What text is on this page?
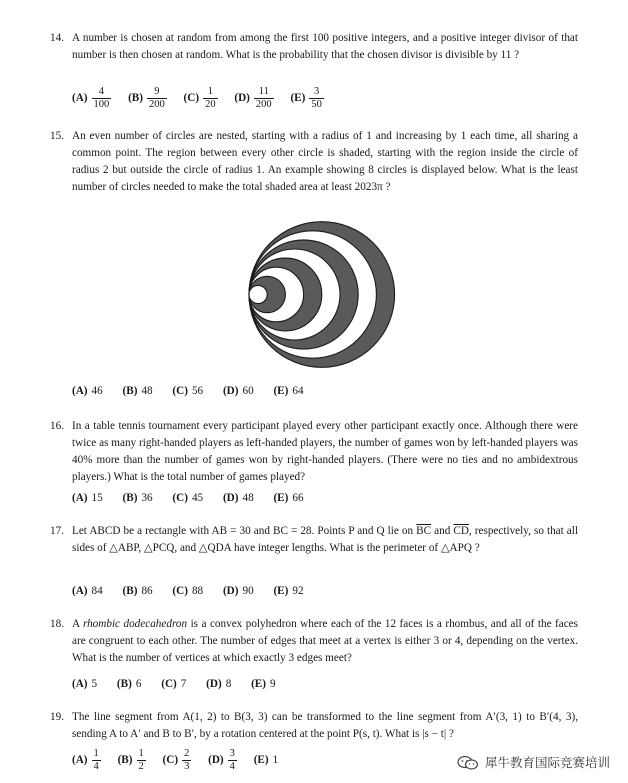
14. A number is chosen at random from among the first 100 positive integers, and a positive integer divisor of that number is then chosen at random. What is the probability that the chosen divisor is divisible by 11 ?
$(A) \frac{4}{100} (B) \frac{9}{200} (C) \frac{1}{20} (D) \frac{11}{200} (E) \frac{3}{50}$
15. An even number of circles are nested, starting with a radius of 1 and increasing by 1 each time, all sharing a common point. The region between every other circle is shaded, starting with the region inside the circle of radius 2 but outside the circle of radius 1. An example showing 8 circles is displayed below. What is the least number of circles needed to make the total shaded area at least 2023π ?
(A) 46 (B) 48 (C) 56 (D) 60 (E) 64
16. In a table tennis tournament every participant played every other participant exactly once. Although there were twice as many right-handed players as left-handed players, the number of games won by left-handed players was 40% more than the number of games won by right-handed players. (There were no ties and no ambidextrous players.) What is the total number of games played?
(A) 15 (B) 36 (C) 45 (D) 48 (E) 66
17. Let ABCD be a rectangle with AB = 30 and BC = 28. Points P and Q lie on $\overline{BC}$ and $\overline{CD}$, respectively, so that all sides of △ABP, △PCQ, and △QDA have integer lengths. What is the perimeter of △APQ ?
(A) 84 (B) 86 (C) 88 (D) 90 (E) 92
18. A rhombic dodecahedron is a convex polyhedron where each of the 12 faces is a rhombus, and all of the faces are congruent to each other. The number of edges that meet at a vertex is either 3 or 4, depending on the vertex. What is the number of vertices at which exactly 3 edges meet?
(A) 5 (B) 6 (C) 7 (D) 8 (E) 9
19. The line segment from A(1, 2) to B(3, 3) can be transformed to the line segment from A′(3, 1) to B′(4, 3), sending A to A′ and B to B′, by a rotation centered at the point P(s, t). What is |s − t| ?
$(A) \frac{1}{4} (B) \frac{1}{2} (C) \frac{2}{3} (D) \frac{3}{4} (E)$ 1	犀牛教育国际竞赛培训
